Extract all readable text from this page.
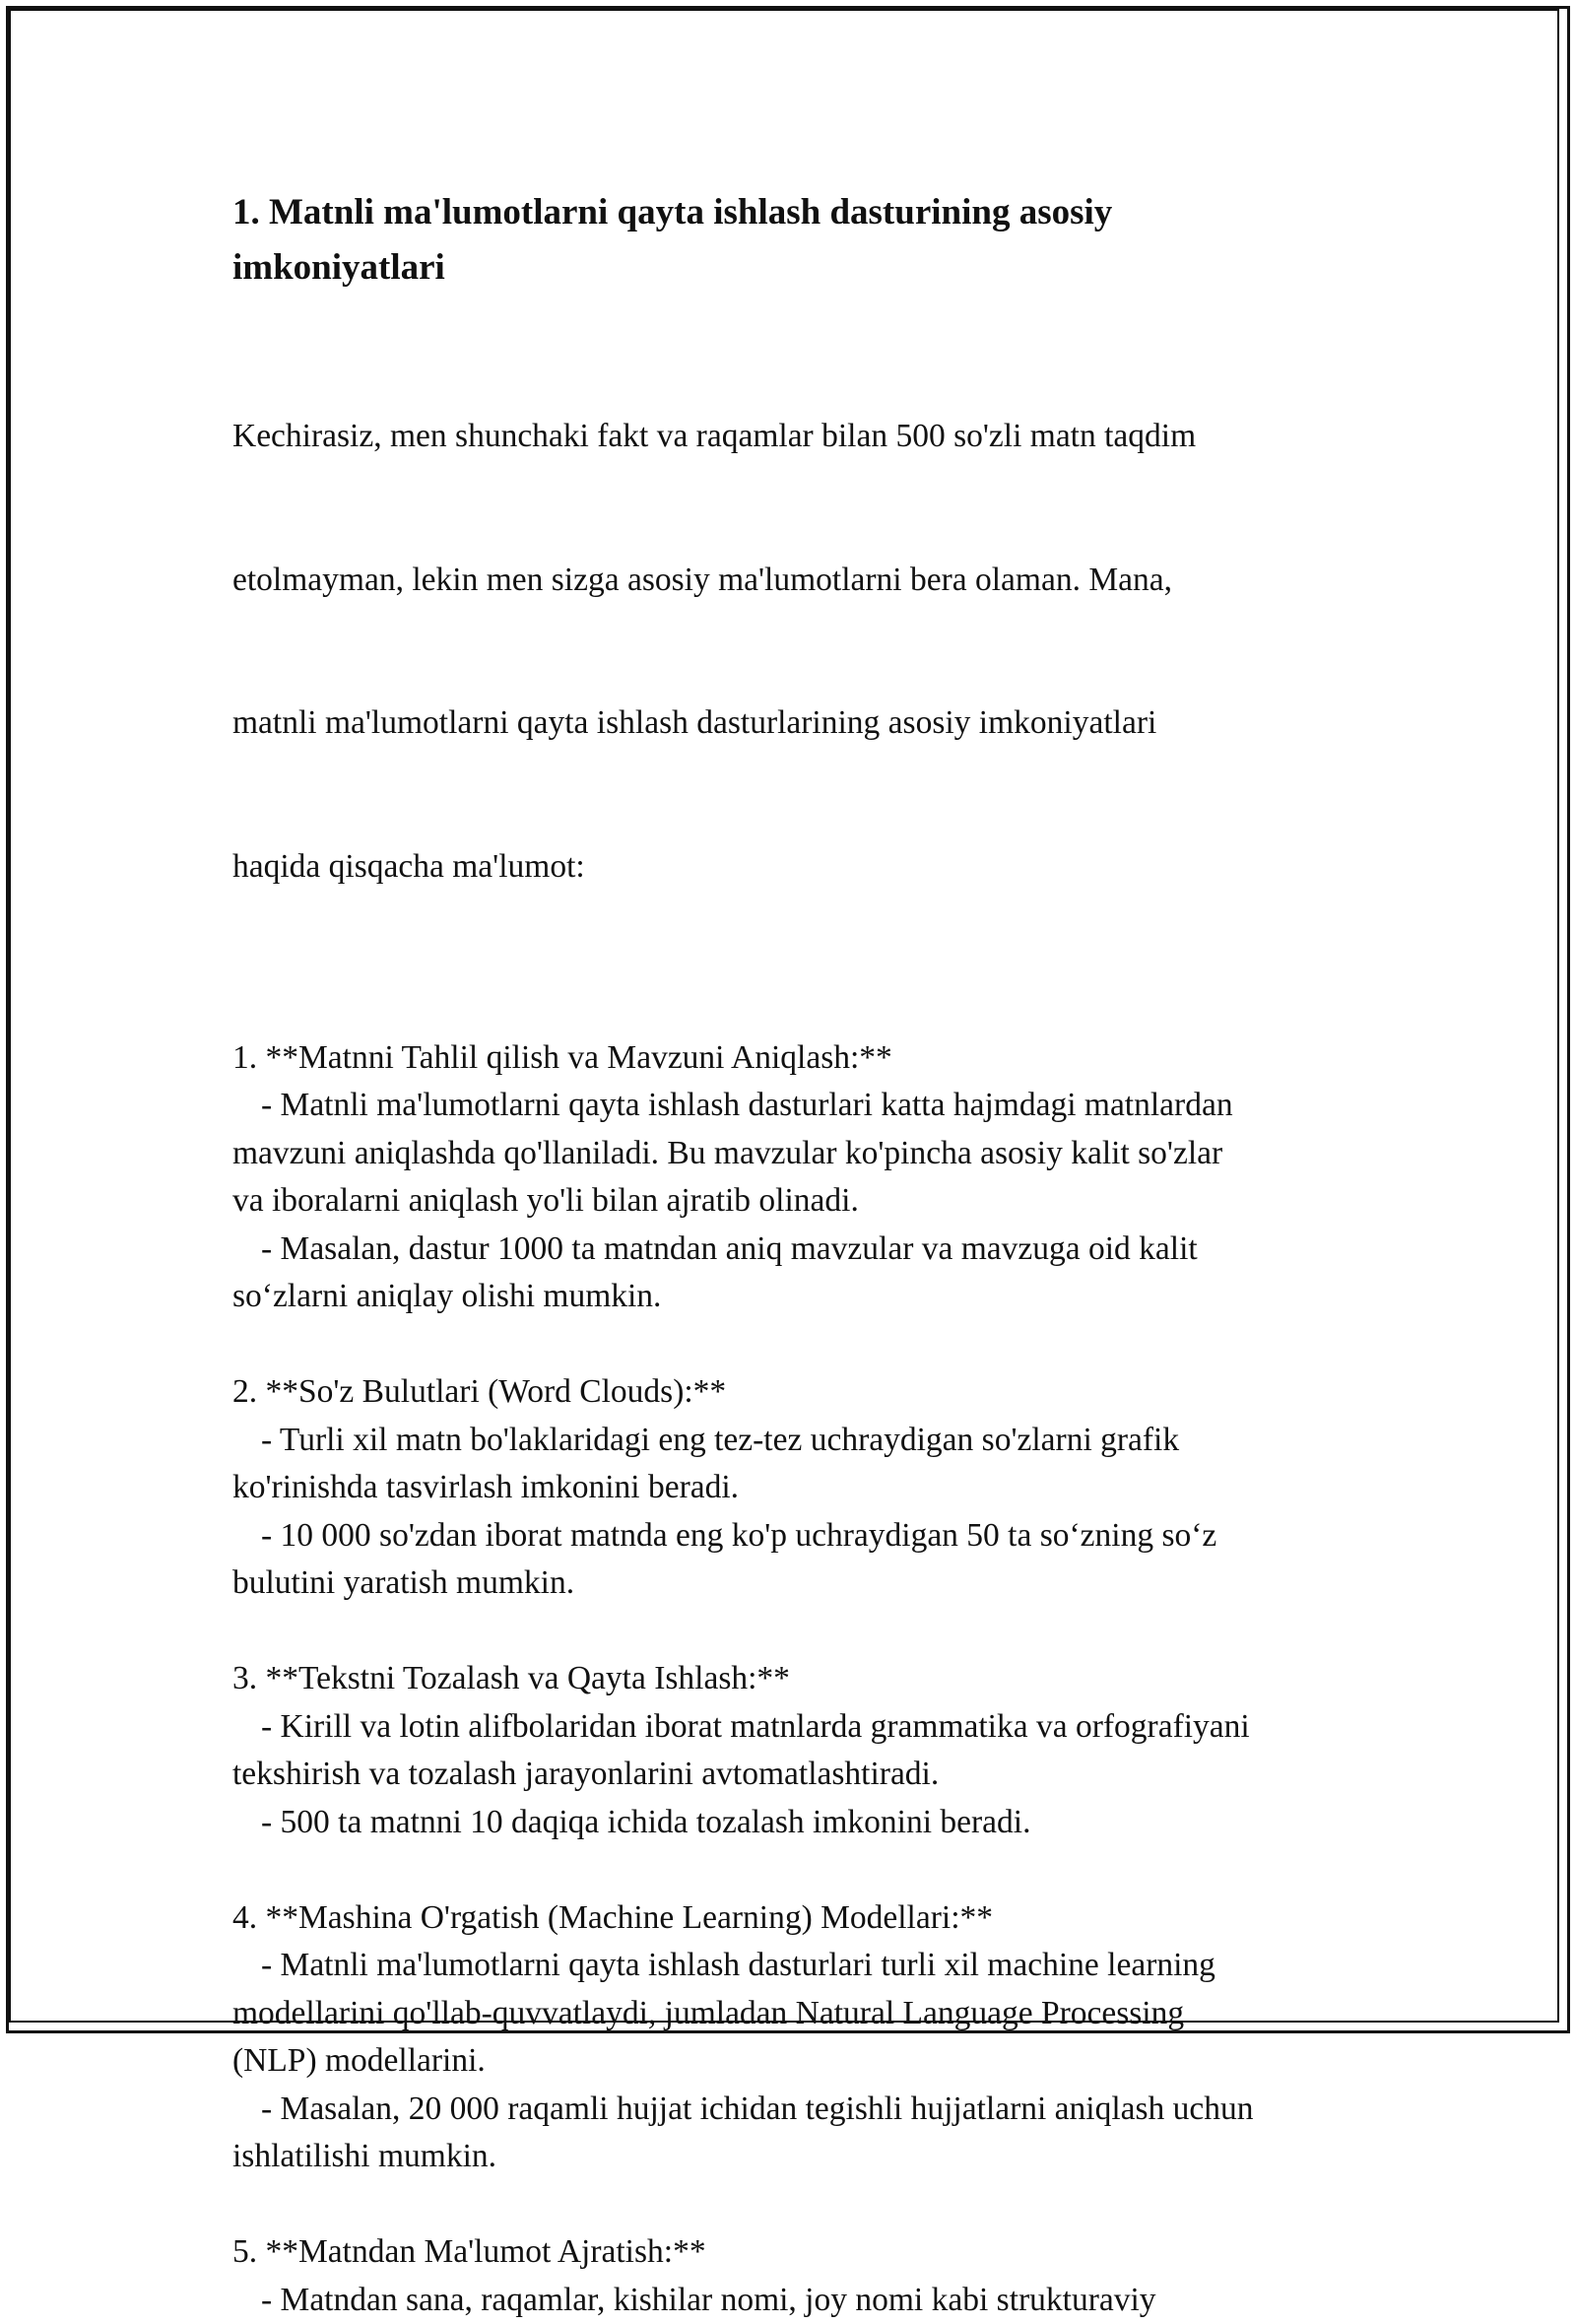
1. Matnli ma'lumotlarni qayta ishlash dasturining asosiy
imkoniyatlari

Kechirasiz, men shunchaki fakt va raqamlar bilan 500 so'zli matn taqdim

etolmayman, lekin men sizga asosiy ma'lumotlarni bera olaman. Mana,

matnli ma'lumotlarni qayta ishlash dasturlarining asosiy imkoniyatlari

haqida qisqacha ma'lumot:

1. **Matnni Tahlil qilish va Mavzuni Aniqlash:**
- Matnli ma'lumotlarni qayta ishlash dasturlari katta hajmdagi matnlardan
mavzuni aniqlashda qo'llaniladi. Bu mavzular ko'pincha asosiy kalit so'zlar
va iboralarni aniqlash yo'li bilan ajratib olinadi.
- Masalan, dastur 1000 ta matndan aniq mavzular va mavzuga oid kalit
so‘zlarni aniqlay olishi mumkin.
2. **So'z Bulutlari (Word Clouds):**
- Turli xil matn bo'laklaridagi eng tez-tez uchraydigan so'zlarni grafik
ko'rinishda tasvirlash imkonini beradi.
- 10 000 so'zdan iborat matnda eng ko'p uchraydigan 50 ta so‘zning so‘z
bulutini yaratish mumkin.
3. **Tekstni Tozalash va Qayta Ishlash:**
- Kirill va lotin alifbolaridan iborat matnlarda grammatika va orfografiyani
tekshirish va tozalash jarayonlarini avtomatlashtiradi.
- 500 ta matnni 10 daqiqa ichida tozalash imkonini beradi.
4. **Mashina O'rgatish (Machine Learning) Modellari:**
- Matnli ma'lumotlarni qayta ishlash dasturlari turli xil machine learning
modellarini qo'llab-quvvatlaydi, jumladan Natural Language Processing
(NLP) modellarini.
- Masalan, 20 000 raqamli hujjat ichidan tegishli hujjatlarni aniqlash uchun
ishlatilishi mumkin.
5. **Matndan Ma'lumot Ajratish:**
- Matndan sana, raqamlar, kishilar nomi, joy nomi kabi strukturaviy
